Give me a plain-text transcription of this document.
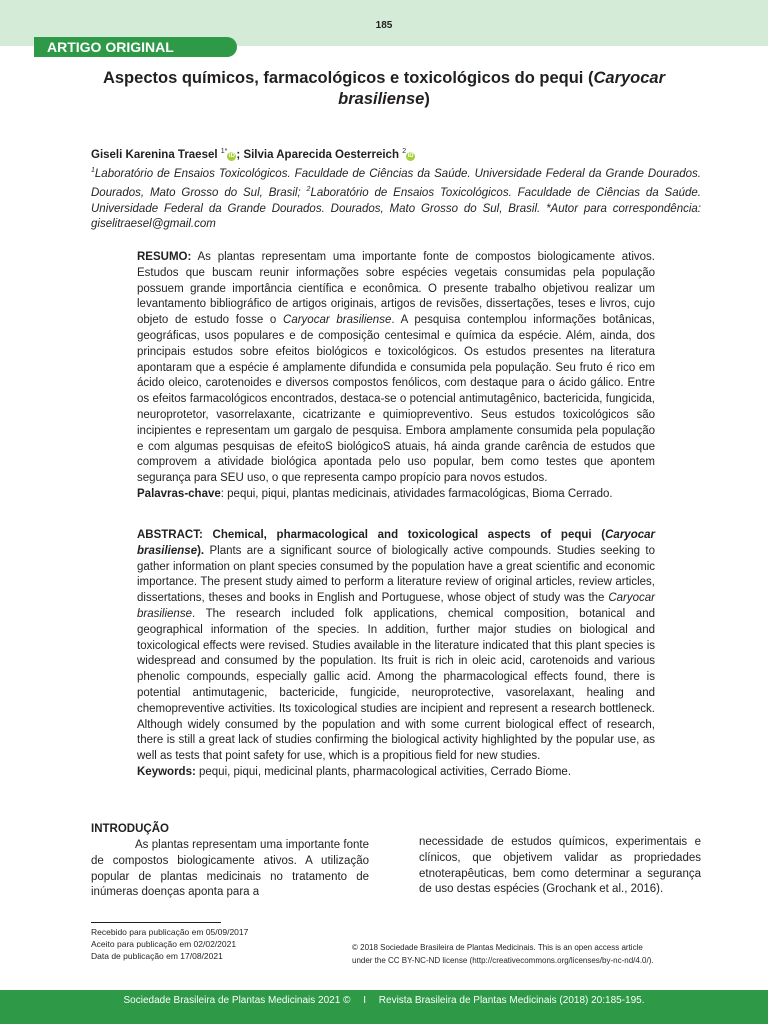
185
ARTIGO ORIGINAL
Aspectos químicos, farmacológicos e toxicológicos do pequi (Caryocar brasiliense)
Giseli Karenina Traesel $^{1*}$iD ; Silvia Aparecida Oesterreich $^2$iD
$^1$Laboratório de Ensaios Toxicológicos. Faculdade de Ciências da Saúde. Universidade Federal da Grande Dourados. Dourados, Mato Grosso do Sul, Brasil; $^2$Laboratório de Ensaios Toxicológicos. Faculdade de Ciências da Saúde. Universidade Federal da Grande Dourados. Dourados, Mato Grosso do Sul, Brasil. *Autor para correspondência: giselitraesel@gmail.com

RESUMO: As plantas representam uma importante fonte de compostos biologicamente ativos. Estudos que buscam reunir informações sobre espécies vegetais consumidas pela população possuem grande importância científica e econômica. O presente trabalho objetivou realizar um levantamento bibliográfico de artigos originais, artigos de revisões, dissertações, teses e livros, cujo objeto de estudo fosse o Caryocar brasiliense. A pesquisa contemplou informações botânicas, geográficas, usos populares e de composição centesimal e química da espécie. Além, ainda, dos principais estudos sobre efeitos biológicos e toxicológicos. Os estudos presentes na literatura apontaram que a espécie é amplamente difundida e consumida pela população. Seu fruto é rico em ácido oleico, carotenoides e diversos compostos fenólicos, com destaque para o ácido gálico. Entre os efeitos farmacológicos encontrados, destaca-se o potencial antimutagênico, bactericida, fungicida, neuroprotetor, vasorrelaxante, cicatrizante e quimiopreventivo. Seus estudos toxicológicos são incipientes e representam um gargalo de pesquisa. Embora amplamente consumida pela população e com algumas pesquisas de efeitoS biológicoS atuais, há ainda grande carência de estudos que comprovem a atividade biológica apontada pelo uso popular, bem como testes que apontem segurança para SEU uso, o que representa campo propício para novos estudos.

Palavras-chave: pequi, piqui, plantas medicinais, atividades farmacológicas, Bioma Cerrado.

ABSTRACT: Chemical, pharmacological and toxicological aspects of pequi (Caryocar brasiliense). Plants are a significant source of biologically active compounds. Studies seeking to gather information on plant species consumed by the population have a great scientific and economic importance. The present study aimed to perform a literature review of original articles, review articles, dissertations, theses and books in English and Portuguese, whose object of study was the Caryocar brasiliense. The research included folk applications, chemical composition, botanical and geographical information of the species. In addition, further major studies on biological and toxicological effects were revised. Studies available in the literature indicated that this plant species is widespread and consumed by the population. Its fruit is rich in oleic acid, carotenoids and various phenolic compounds, especially gallic acid. Among the pharmacological effects found, there is potential antimutagenic, bactericide, fungicide, neuroprotective, vasorelaxant, healing and chemopreventive activities. Its toxicological studies are incipient and represent a research bottleneck. Although widely consumed by the population and with some current biological effect of research, there is still a great lack of studies confirming the biological activity highlighted by the popular use, as well as tests that point safety for use, which is a propitious field for new studies.

Keywords: pequi, piqui, medicinal plants, pharmacological activities, Cerrado Biome.

INTRODUÇÃO
As plantas representam uma importante fonte de compostos biologicamente ativos. A utilização popular de plantas medicinais no tratamento de inúmeras doenças aponta para a
necessidade de estudos químicos, experimentais e clínicos, que objetivem validar as propriedades etnoterapêuticas, bem como determinar a segurança de uso destas espécies (Grochank et al., 2016).
Recebido para publicação em 05/09/2017
Aceito para publicação em 02/02/2021
Data de publicação em 17/08/2021
© 2018 Sociedade Brasileira de Plantas Medicinais. This is an open access article
under the CC BY-NC-ND license (http://creativecommons.org/licenses/by-nc-nd/4.0/).
Sociedade Brasileira de Plantas Medicinais 2021 © I Revista Brasileira de Plantas Medicinais (2018) 20:185-195.
